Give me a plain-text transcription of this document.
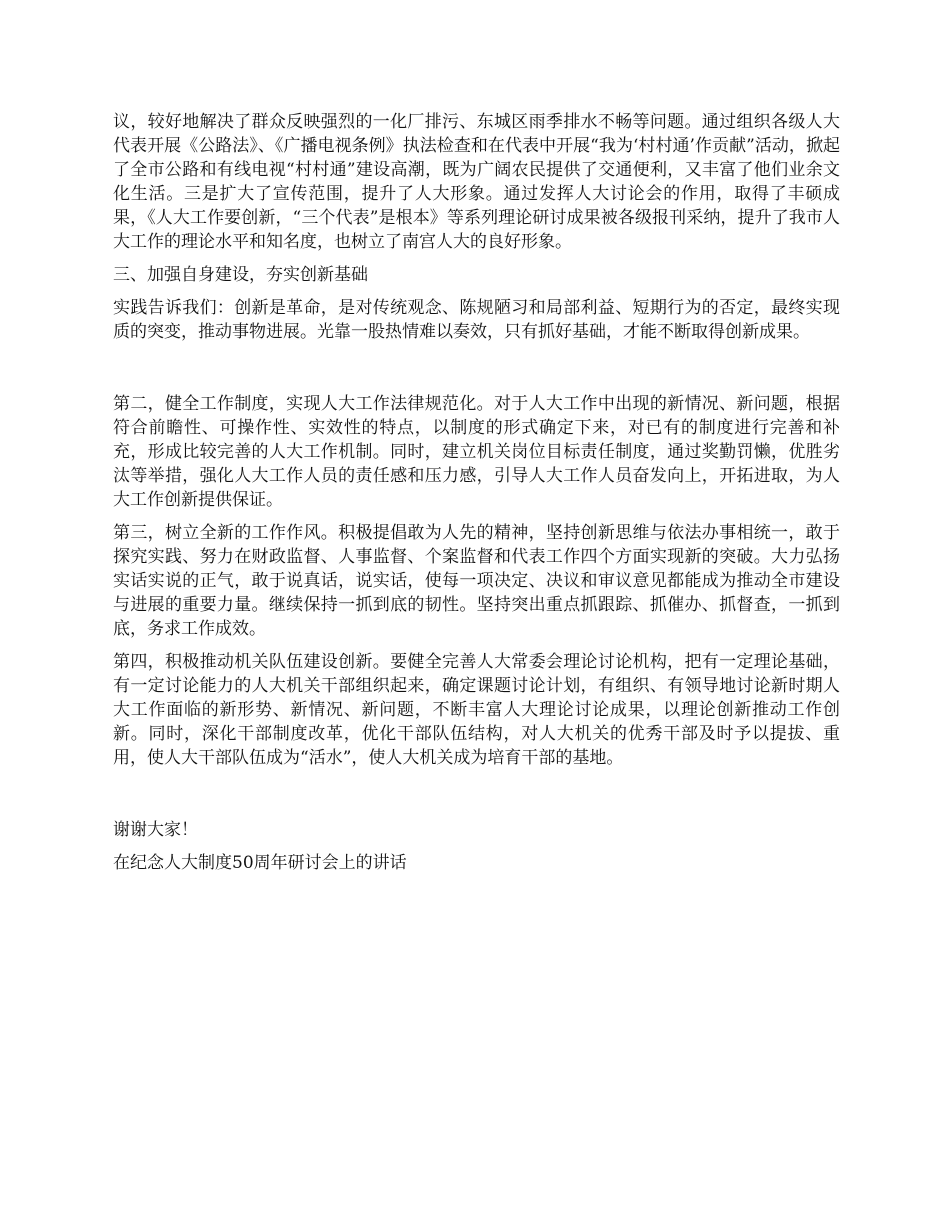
议，较好地解决了群众反映强烈的一化厂排污、东城区雨季排水不畅等问题。通过组织各级人大代表开展《公路法》、《广播电视条例》执法检查和在代表中开展“我为‘村村通’作贡献”活动，掀起了全市公路和有线电视“村村通”建设高潮，既为广阔农民提供了交通便利，又丰富了他们业余文化生活。三是扩大了宣传范围，提升了人大形象。通过发挥人大讨论会的作用，取得了丰硕成果，《人大工作要创新，“三个代表”是根本》等系列理论研讨成果被各级报刊采纳，提升了我市人大工作的理论水平和知名度，也树立了南宫人大的良好形象。

三、加强自身建设，夯实创新基础

实践告诉我们：创新是革命，是对传统观念、陈规陋习和局部利益、短期行为的否定，最终实现质的突变，推动事物进展。光靠一股热情难以奏效，只有抓好基础，才能不断取得创新成果。

第二，健全工作制度，实现人大工作法律规范化。对于人大工作中出现的新情况、新问题，根据符合前瞻性、可操作性、实效性的特点，以制度的形式确定下来，对已有的制度进行完善和补充，形成比较完善的人大工作机制。同时，建立机关岗位目标责任制度，通过奖勤罚懒，优胜劣汰等举措，强化人大工作人员的责任感和压力感，引导人大工作人员奋发向上，开拓进取，为人大工作创新提供保证。

第三，树立全新的工作作风。积极提倡敢为人先的精神，坚持创新思维与依法办事相统一，敢于探究实践、努力在财政监督、人事监督、个案监督和代表工作四个方面实现新的突破。大力弘扬实话实说的正气，敢于说真话，说实话，使每一项决定、决议和审议意见都能成为推动全市建设与进展的重要力量。继续保持一抓到底的韧性。坚持突出重点抓跟踪、抓催办、抓督查，一抓到底，务求工作成效。

第四，积极推动机关队伍建设创新。要健全完善人大常委会理论讨论机构，把有一定理论基础，有一定讨论能力的人大机关干部组织起来，确定课题讨论计划，有组织、有领导地讨论新时期人大工作面临的新形势、新情况、新问题，不断丰富人大理论讨论成果，以理论创新推动工作创新。同时，深化干部制度改革，优化干部队伍结构，对人大机关的优秀干部及时予以提拔、重用，使人大干部队伍成为“活水”，使人大机关成为培育干部的基地。

谢谢大家！

在纪念人大制度50周年研讨会上的讲话
